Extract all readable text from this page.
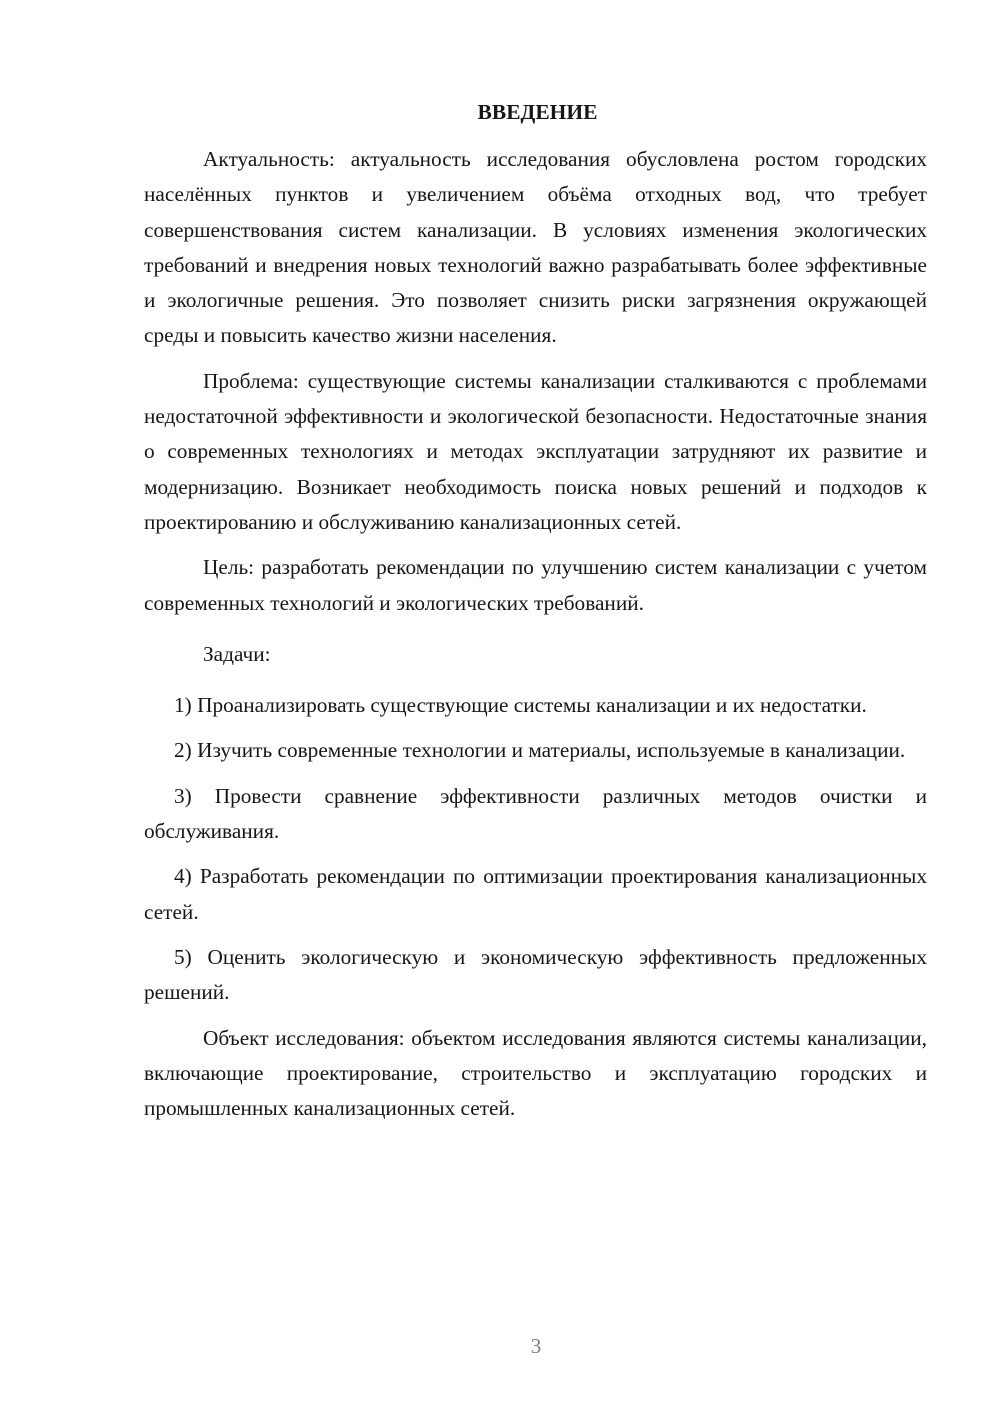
ВВЕДЕНИЕ

Актуальность: актуальность исследования обусловлена ростом городских населённых пунктов и увеличением объёма отходных вод, что требует совершенствования систем канализации. В условиях изменения экологических требований и внедрения новых технологий важно разрабатывать более эффективные и экологичные решения. Это позволяет снизить риски загрязнения окружающей среды и повысить качество жизни населения.

Проблема: существующие системы канализации сталкиваются с проблемами недостаточной эффективности и экологической безопасности. Недостаточные знания о современных технологиях и методах эксплуатации затрудняют их развитие и модернизацию. Возникает необходимость поиска новых решений и подходов к проектированию и обслуживанию канализационных сетей.

Цель: разработать рекомендации по улучшению систем канализации с учетом современных технологий и экологических требований.

Задачи:

1) Проанализировать существующие системы канализации и их недостатки.

2) Изучить современные технологии и материалы, используемые в канализации.

3) Провести сравнение эффективности различных методов очистки и обслуживания.

4) Разработать рекомендации по оптимизации проектирования канализационных сетей.

5) Оценить экологическую и экономическую эффективность предложенных решений.

Объект исследования: объектом исследования являются системы канализации, включающие проектирование, строительство и эксплуатацию городских и промышленных канализационных сетей.

3
